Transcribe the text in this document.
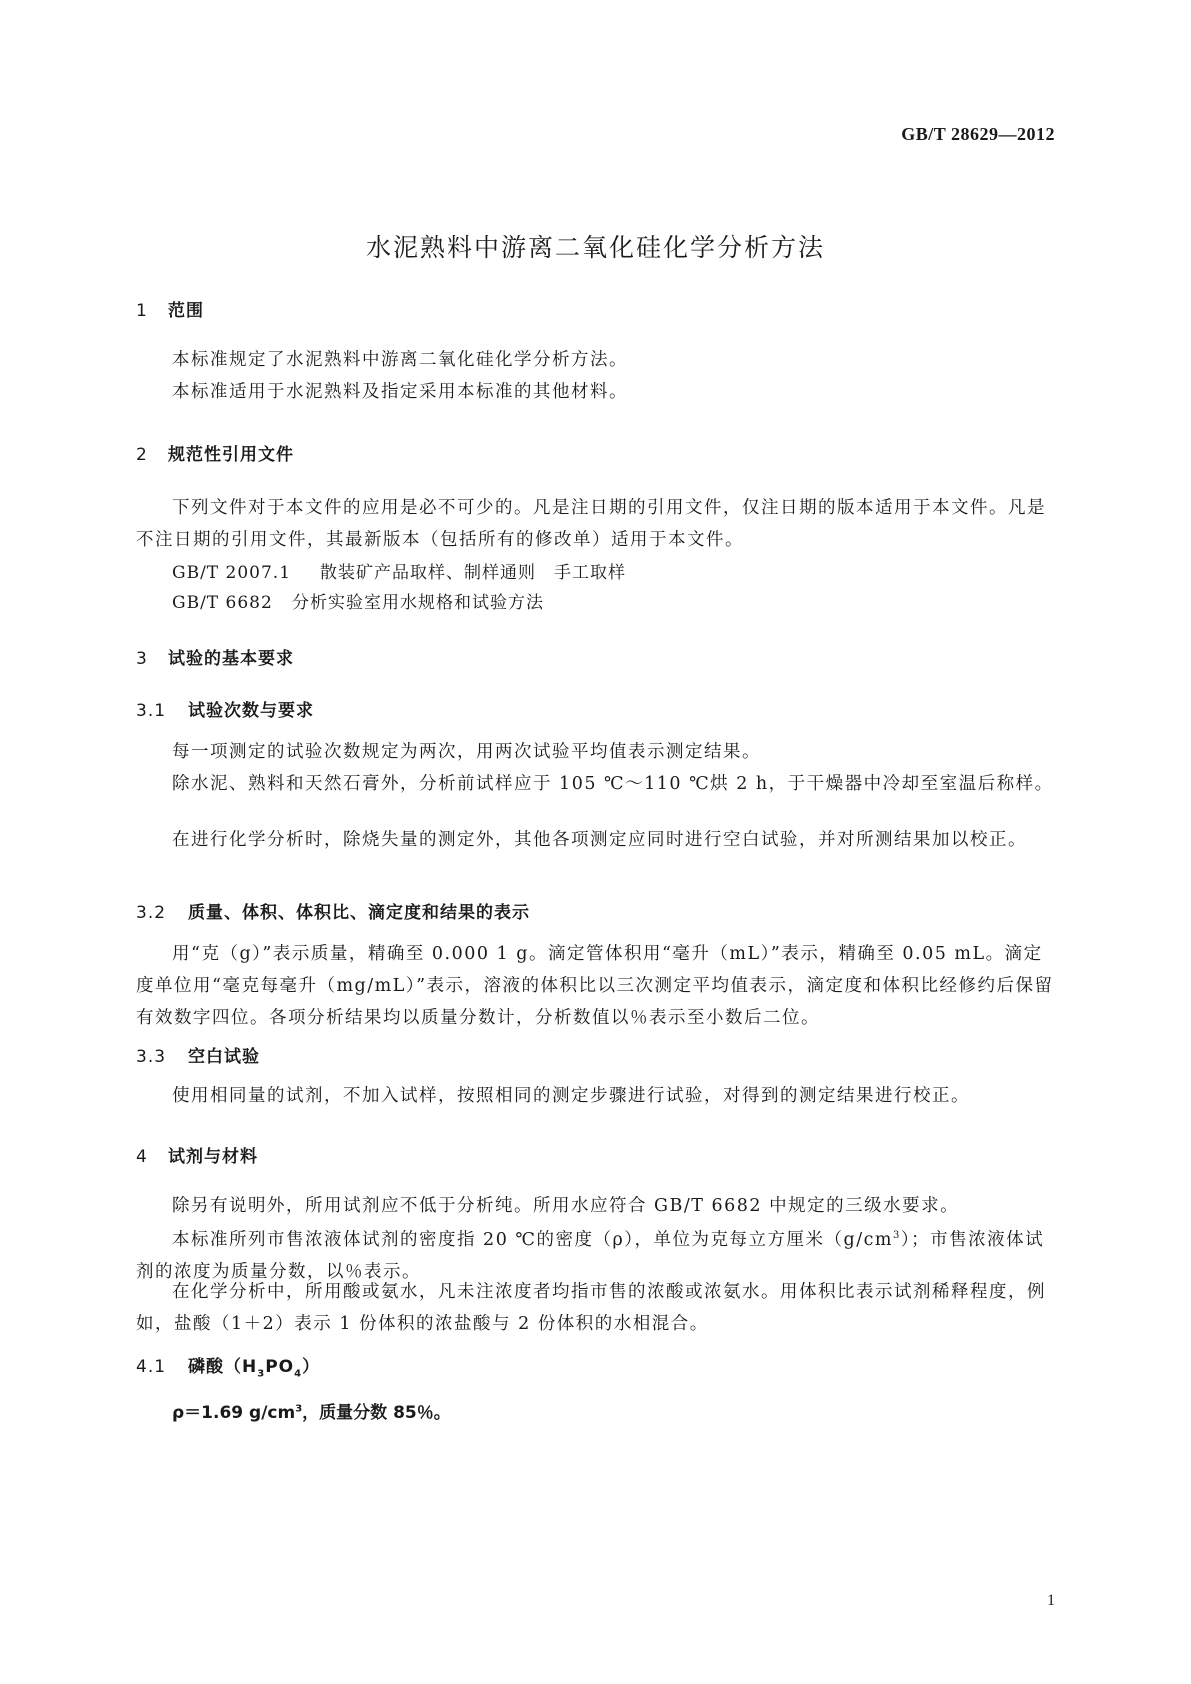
GB/T 28629—2012
水泥熟料中游离二氧化硅化学分析方法
1 范围
本标准规定了水泥熟料中游离二氧化硅化学分析方法。
本标准适用于水泥熟料及指定采用本标准的其他材料。
2 规范性引用文件
下列文件对于本文件的应用是必不可少的。凡是注日期的引用文件，仅注日期的版本适用于本文件。凡是不注日期的引用文件，其最新版本（包括所有的修改单）适用于本文件。
GB/T 2007.1 散装矿产品取样、制样通则　手工取样
GB/T 6682 分析实验室用水规格和试验方法
3 试验的基本要求
3.1 试验次数与要求
每一项测定的试验次数规定为两次，用两次试验平均值表示测定结果。
除水泥、熟料和天然石膏外，分析前试样应于 105 ℃～110 ℃烘 2 h，于干燥器中冷却至室温后称样。
在进行化学分析时，除烧失量的测定外，其他各项测定应同时进行空白试验，并对所测结果加以校正。
3.2 质量、体积、体积比、滴定度和结果的表示
用“克（g）”表示质量，精确至 0.000 1 g。滴定管体积用“毫升（mL）”表示，精确至 0.05 mL。滴定度单位用“毫克每毫升（mg/mL）”表示，溶液的体积比以三次测定平均值表示，滴定度和体积比经修约后保留有效数字四位。各项分析结果均以质量分数计，分析数值以％表示至小数后二位。
3.3 空白试验
使用相同量的试剂，不加入试样，按照相同的测定步骤进行试验，对得到的测定结果进行校正。
4 试剂与材料
除另有说明外，所用试剂应不低于分析纯。所用水应符合 GB/T 6682 中规定的三级水要求。
本标准所列市售浓液体试剂的密度指 20 ℃的密度（ρ），单位为克每立方厘米$(g/cm^3)$；市售浓液体试剂的浓度为质量分数，以％表示。
在化学分析中，所用酸或氨水，凡未注浓度者均指市售的浓酸或浓氨水。用体积比表示试剂稀释程度，例如，盐酸（1＋2）表示 1 份体积的浓盐酸与 2 份体积的水相混合。
4.1 磷酸$(H_3PO_4)$
ρ＝1.69 $g/cm^3$，质量分数 85％。
1
